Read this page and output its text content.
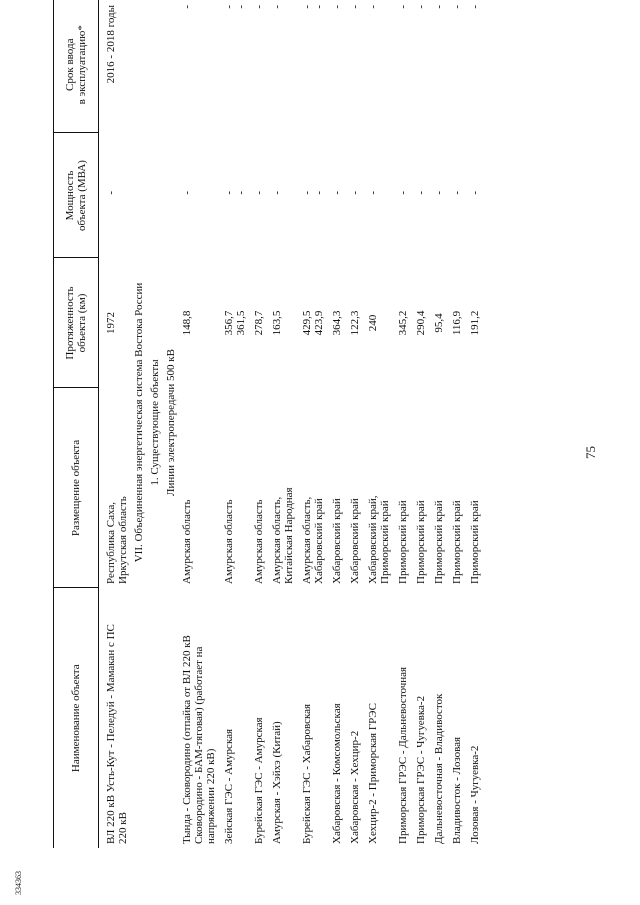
75
334363
Наименование объекта	Размещение объекта	Протяженность объекта (км)	Мощность объекта (МВА)	Срок ввода в эксплуатацию*

ВЛ 220 кВ Усть-Кут - Пеледуй - Мамакан с ПС 220 кВ	Республика Саха, Иркутская область	1972	-	2016 - 2018 годы

VII. Объединенная энергетическая система Востока России				
1. Существующие объекты				
Линии электропередачи 500 кВ				

Тында - Сковородино (отпайка от ВЛ 220 кВ Сковородино - БАМ-тяговая) (работает на напряжении 220 кВ)	Амурская область	148,8	-	-

Зейская ГЭС - Амурская	Амурская область	356,7 361,5	- -	- -

Бурейская ГЭС - Амурская	Амурская область	278,7	-	-

Амурская - Хэйхэ (Китай)	Амурская область, Китайская Народная	163,5	-	-

Бурейская ГЭС - Хабаровская	Амурская область, Хабаровский край	429,5 423,9	- -	- -

Хабаровская - Комсомольская	Хабаровский край	364,3	-	-

Хабаровская - Хехцир-2	Хабаровский край	122,3	-	-

Хехцир-2 - Приморская ГРЭС	Хабаровский край, Приморский край	240	-	-

Приморская ГРЭС - Дальневосточная	Приморский край	345,2	-	-

Приморская ГРЭС - Чугуевка-2	Приморский край	290,4	-	-

Дальневосточная - Владивосток	Приморский край	95,4	-	-

Владивосток - Лозовая	Приморский край	116,9	-	-

Лозовая - Чугуевка-2	Приморский край	191,2	-	-
